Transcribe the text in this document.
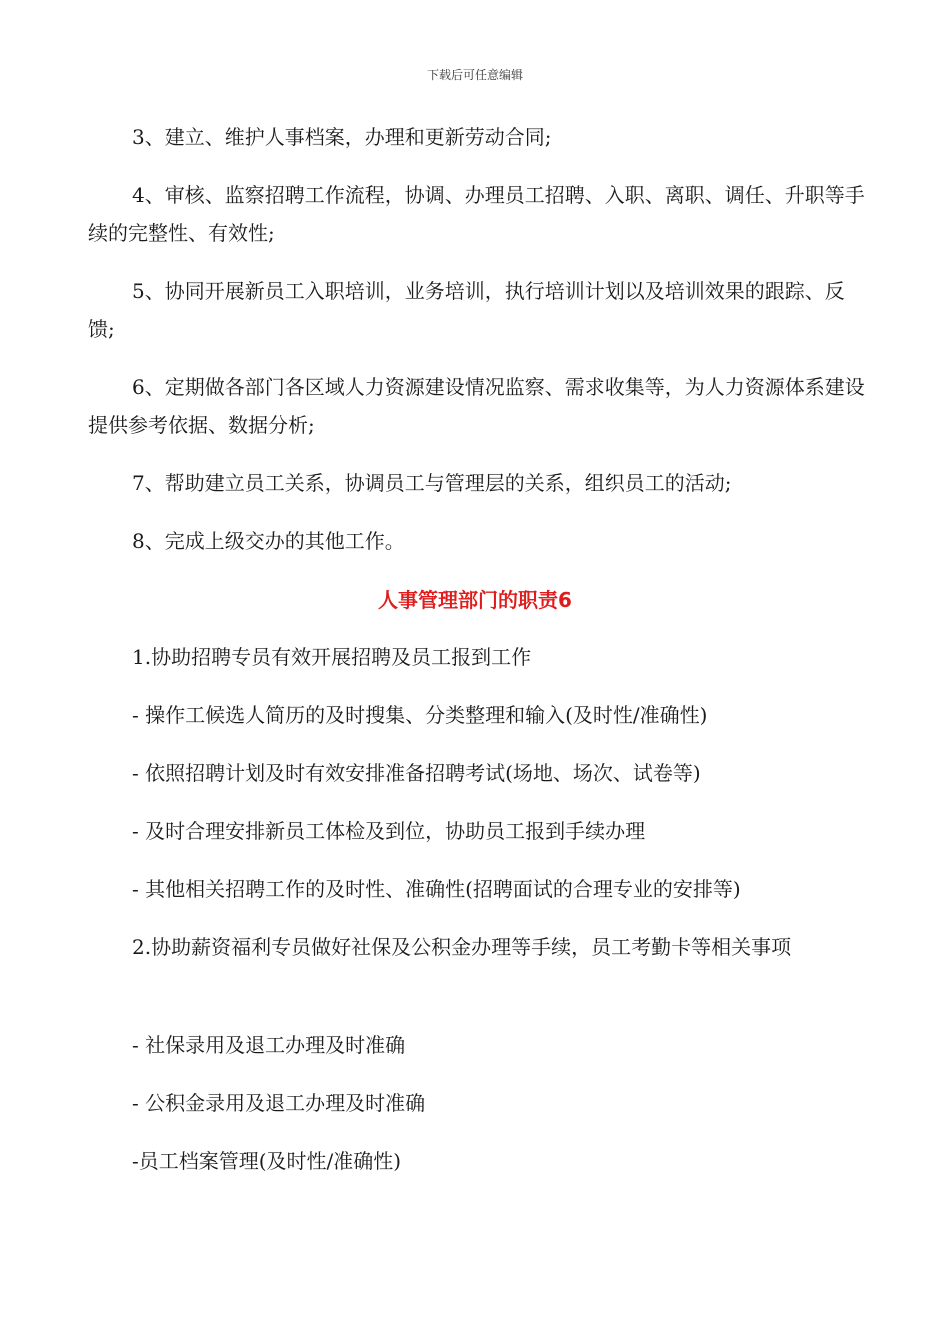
下载后可任意编辑

3、建立、维护人事档案，办理和更新劳动合同;

4、审核、监察招聘工作流程，协调、办理员工招聘、入职、离职、调任、升职等手续的完整性、有效性;

5、协同开展新员工入职培训，业务培训，执行培训计划以及培训效果的跟踪、反馈;

6、定期做各部门各区域人力资源建设情况监察、需求收集等，为人力资源体系建设提供参考依据、数据分析;

7、帮助建立员工关系，协调员工与管理层的关系，组织员工的活动;

8、完成上级交办的其他工作。

人事管理部门的职责6

1.协助招聘专员有效开展招聘及员工报到工作

- 操作工候选人简历的及时搜集、分类整理和输入(及时性/准确性)

- 依照招聘计划及时有效安排准备招聘考试(场地、场次、试卷等)

- 及时合理安排新员工体检及到位，协助员工报到手续办理

- 其他相关招聘工作的及时性、准确性(招聘面试的合理专业的安排等)

2.协助薪资福利专员做好社保及公积金办理等手续，员工考勤卡等相关事项

- 社保录用及退工办理及时准确

- 公积金录用及退工办理及时准确

-员工档案管理(及时性/准确性)
